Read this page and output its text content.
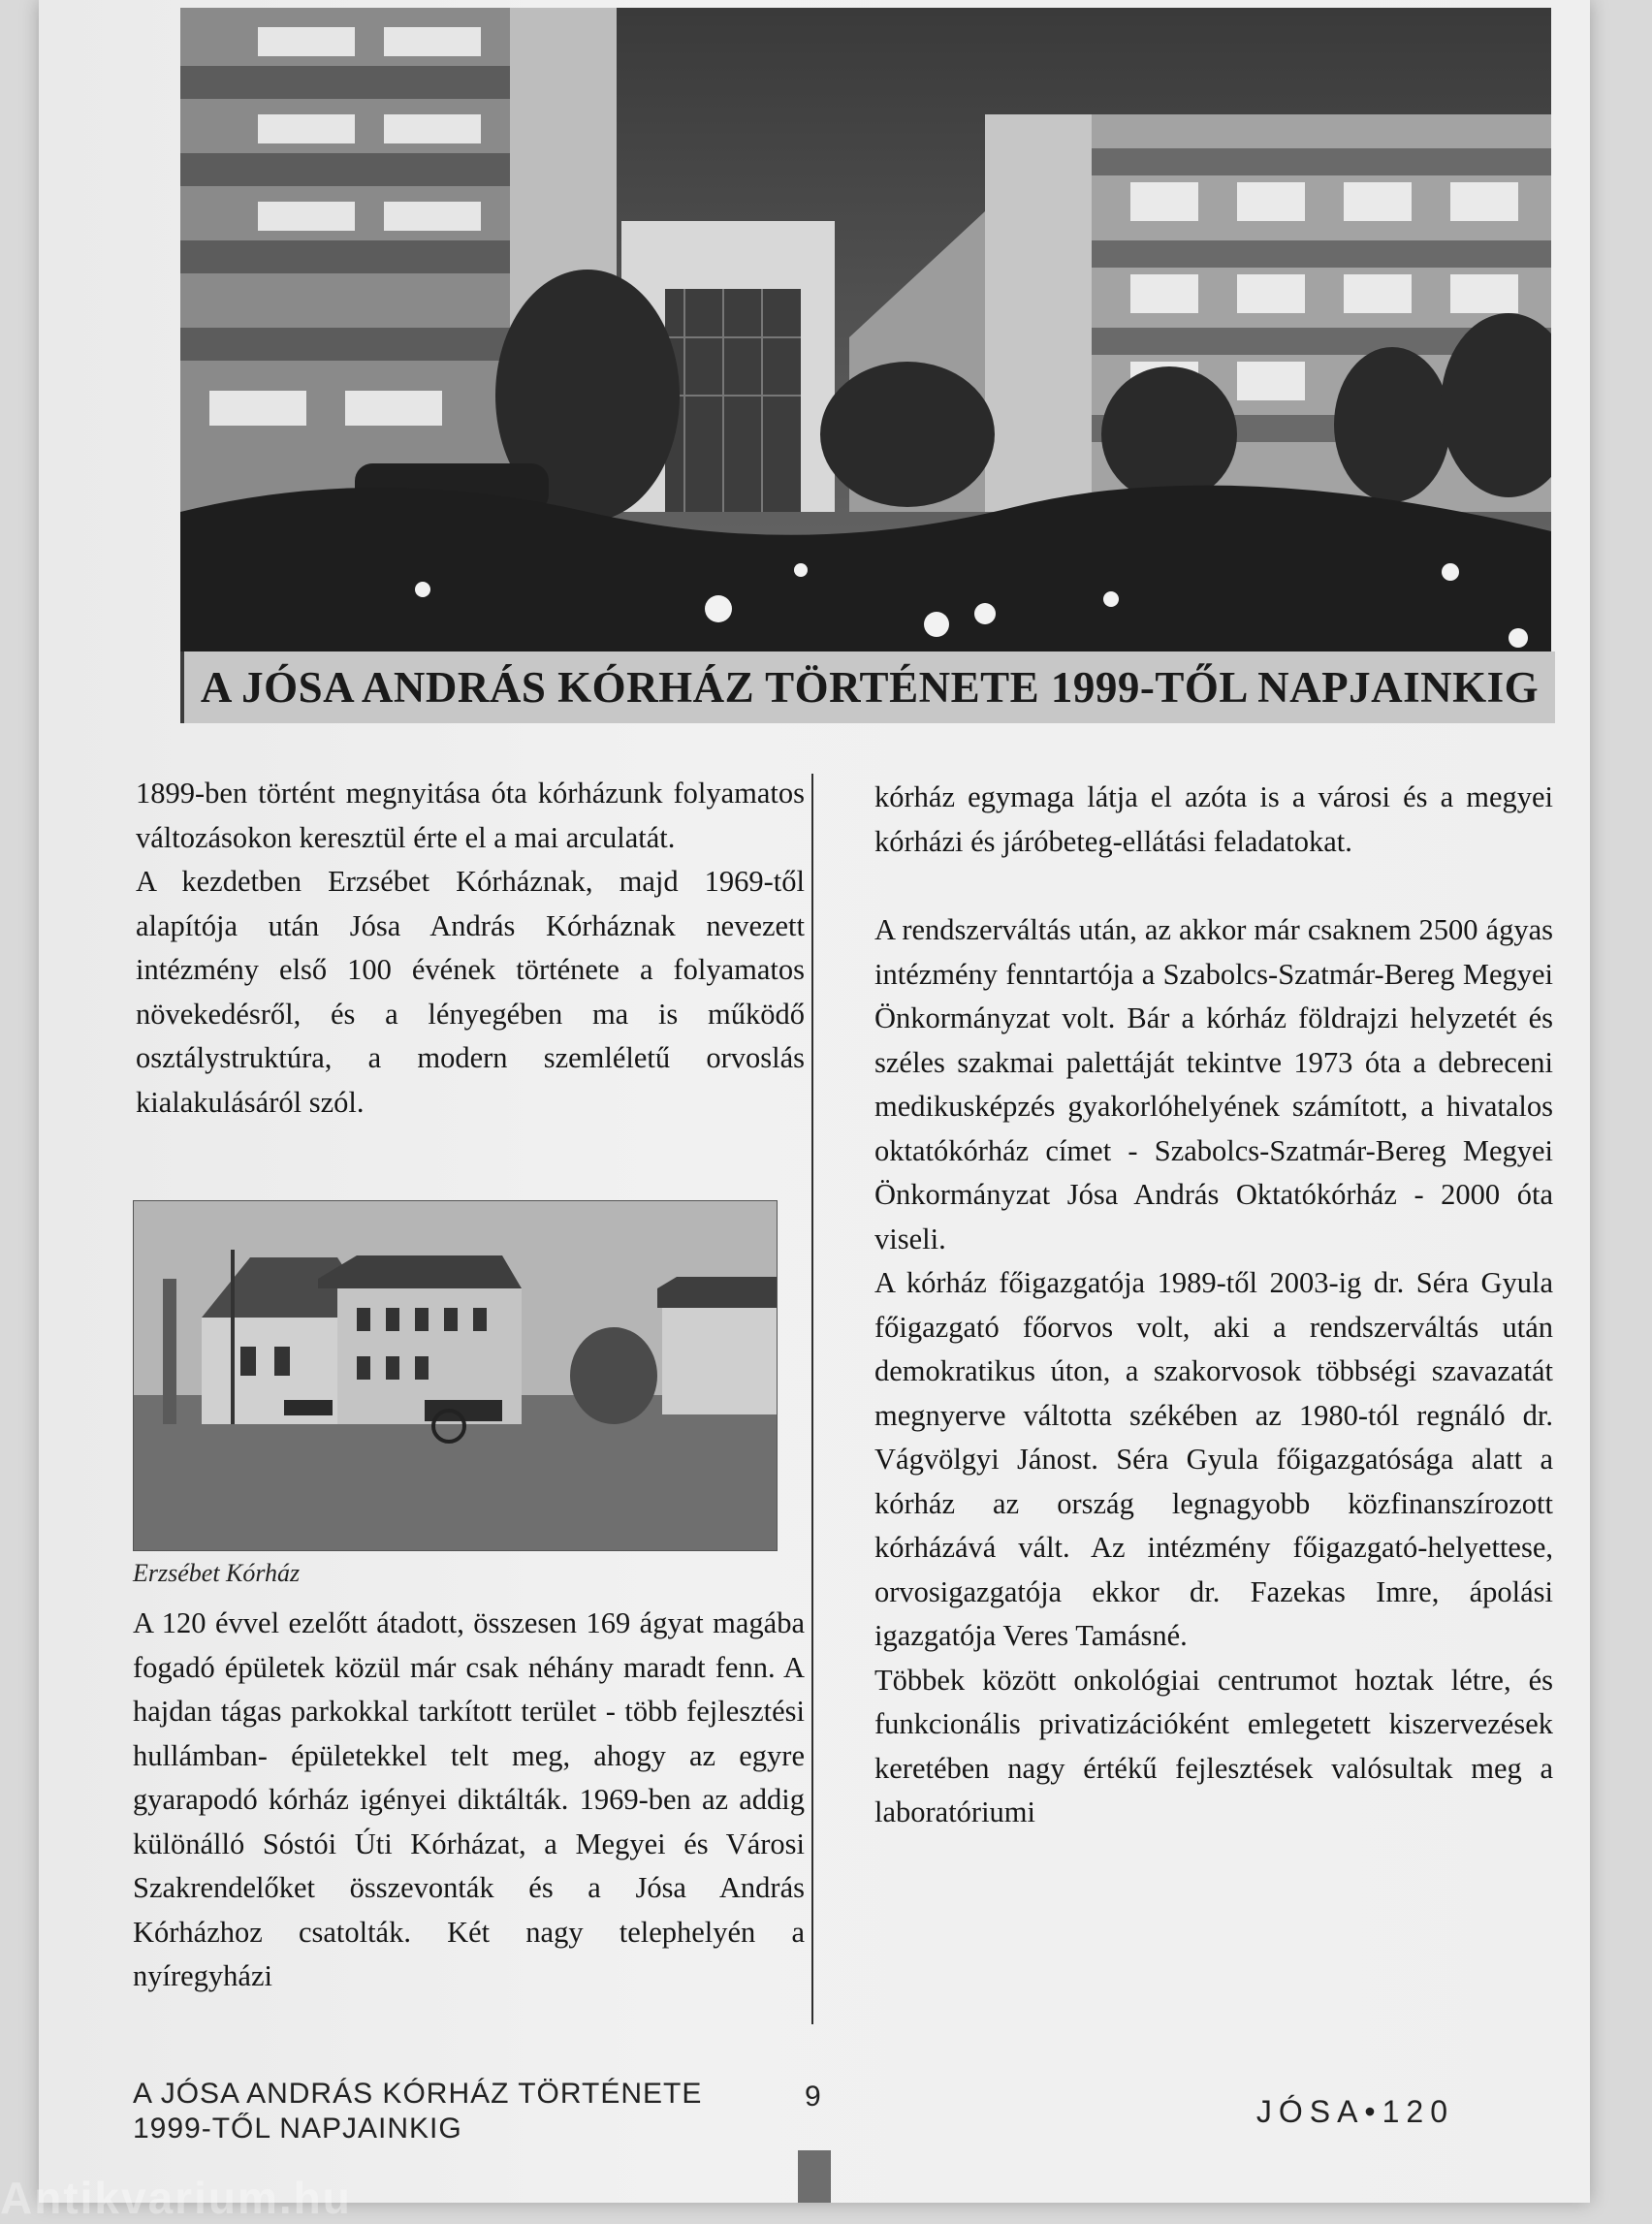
A JÓSA ANDRÁS KÓRHÁZ TÖRTÉNETE 1999-TŐL NAPJAINKIG

1899-ben történt megnyitása óta kórházunk folyamatos változásokon keresztül érte el a mai arculatát.

A kezdetben Erzsébet Kórháznak, majd 1969-től alapítója után Jósa András Kórháznak nevezett intézmény első 100 évének története a folyamatos növekedésről, és a lényegében ma is működő osztálystruktúra, a modern szemléletű orvoslás kialakulásáról szól.

Erzsébet Kórház

A 120 évvel ezelőtt átadott, összesen 169 ágyat magába fogadó épületek közül már csak néhány maradt fenn. A hajdan tágas parkokkal tarkított terület - több fejlesztési hullámban- épületekkel telt meg, ahogy az egyre gyarapodó kórház igényei diktálták. 1969-ben az addig különálló Sóstói Úti Kórházat, a Megyei és Városi Szakrendelőket összevonták és a Jósa András Kórházhoz csatolták. Két nagy telephelyén a nyíregyházi

kórház egymaga látja el azóta is a városi és a megyei kórházi és járóbeteg-ellátási feladatokat.

A rendszerváltás után, az akkor már csaknem 2500 ágyas intézmény fenntartója a Szabolcs-Szatmár-Bereg Megyei Önkormányzat volt. Bár a kórház földrajzi helyzetét és széles szakmai palettáját tekintve 1973 óta a debreceni medikusképzés gyakorlóhelyének számított, a hivatalos oktatókórház címet - Szabolcs-Szatmár-Bereg Megyei Önkormányzat Jósa András Oktatókórház - 2000 óta viseli.

A kórház főigazgatója 1989-től 2003-ig dr. Séra Gyula főigazgató főorvos volt, aki a rendszerváltás után demokratikus úton, a szakorvosok többségi szavazatát megnyerve váltotta székében az 1980-tól regnáló dr. Vágvölgyi Jánost. Séra Gyula főigazgatósága alatt a kórház az ország legnagyobb közfinanszírozott kórházává vált. Az intézmény főigazgató-helyettese, orvosigazgatója ekkor dr. Fazekas Imre, ápolási igazgatója Veres Tamásné.

Többek között onkológiai centrumot hoztak létre, és funkcionális privatizációként emlegetett kiszervezések keretében nagy értékű fejlesztések valósultak meg a laboratóriumi

A JÓSA ANDRÁS KÓRHÁZ TÖRTÉNETE
1999-TŐL NAPJAINKIG
9	JÓSA•120
Antikvarium.hu
